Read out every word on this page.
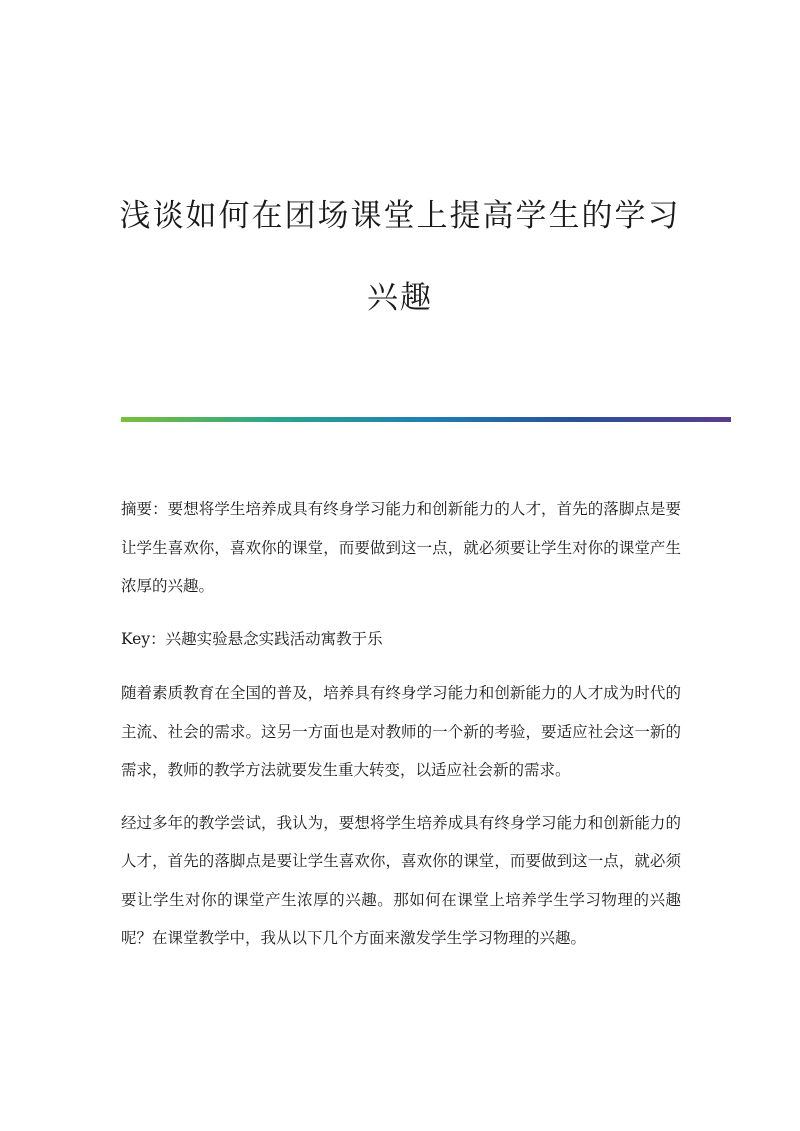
浅谈如何在团场课堂上提高学生的学习
兴趣

摘要：要想将学生培养成具有终身学习能力和创新能力的人才，首先的落脚点是要让学生喜欢你，喜欢你的课堂，而要做到这一点，就必须要让学生对你的课堂产生浓厚的兴趣。

Key：兴趣实验悬念实践活动寓教于乐

随着素质教育在全国的普及，培养具有终身学习能力和创新能力的人才成为时代的主流、社会的需求。这另一方面也是对教师的一个新的考验，要适应社会这一新的需求，教师的教学方法就要发生重大转变，以适应社会新的需求。

经过多年的教学尝试，我认为，要想将学生培养成具有终身学习能力和创新能力的人才，首先的落脚点是要让学生喜欢你，喜欢你的课堂，而要做到这一点，就必须要让学生对你的课堂产生浓厚的兴趣。那如何在课堂上培养学生学习物理的兴趣呢？在课堂教学中，我从以下几个方面来激发学生学习物理的兴趣。
